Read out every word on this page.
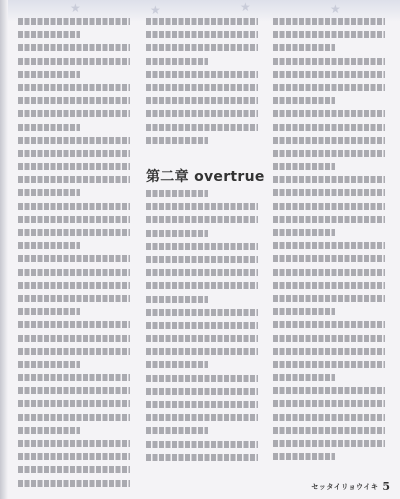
★	★	★	★
第二章 overtrue
セッタイリョウイキ 5
